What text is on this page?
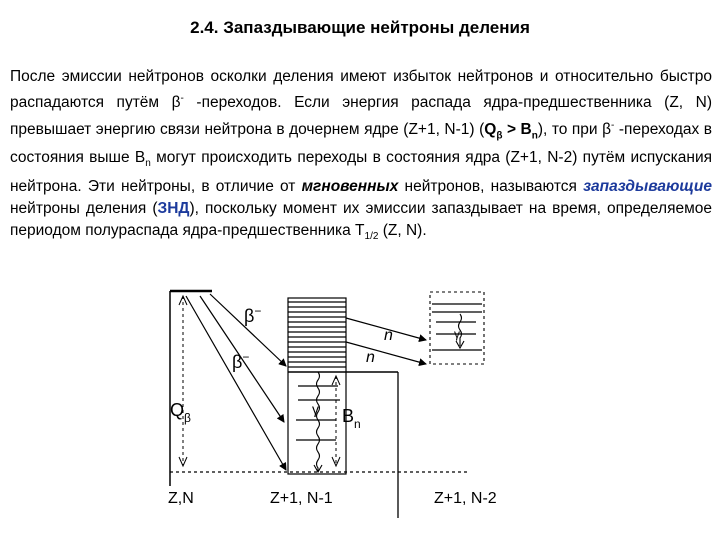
2.4. Запаздывающие нейтроны деления
После эмиссии нейтронов осколки деления имеют избыток нейтронов и относительно быстро распадаются путём β- -переходов. Если энергия распада ядра-предшественника (Z, N) превышает энергию связи нейтрона в дочернем ядре (Z+1, N-1) $(Q_\beta > B_n)$, то при β- -переходах в состояния выше $B_n$ могут происходить переходы в состояния ядра (Z+1, N-2) путём испускания нейтрона. Эти нейтроны, в отличие от мгновенных нейтронов, называются запаздывающие нейтроны деления (ЗНД), поскольку момент их эмиссии запаздывает на время, определяемое периодом полураспада ядра-предшественника $T_{1/2}$ (Z, N).
β−
β−
$Q_\beta$	$B_n$
n
n
γ
γ
Z,N	Z+1, N-1	Z+1, N-2
